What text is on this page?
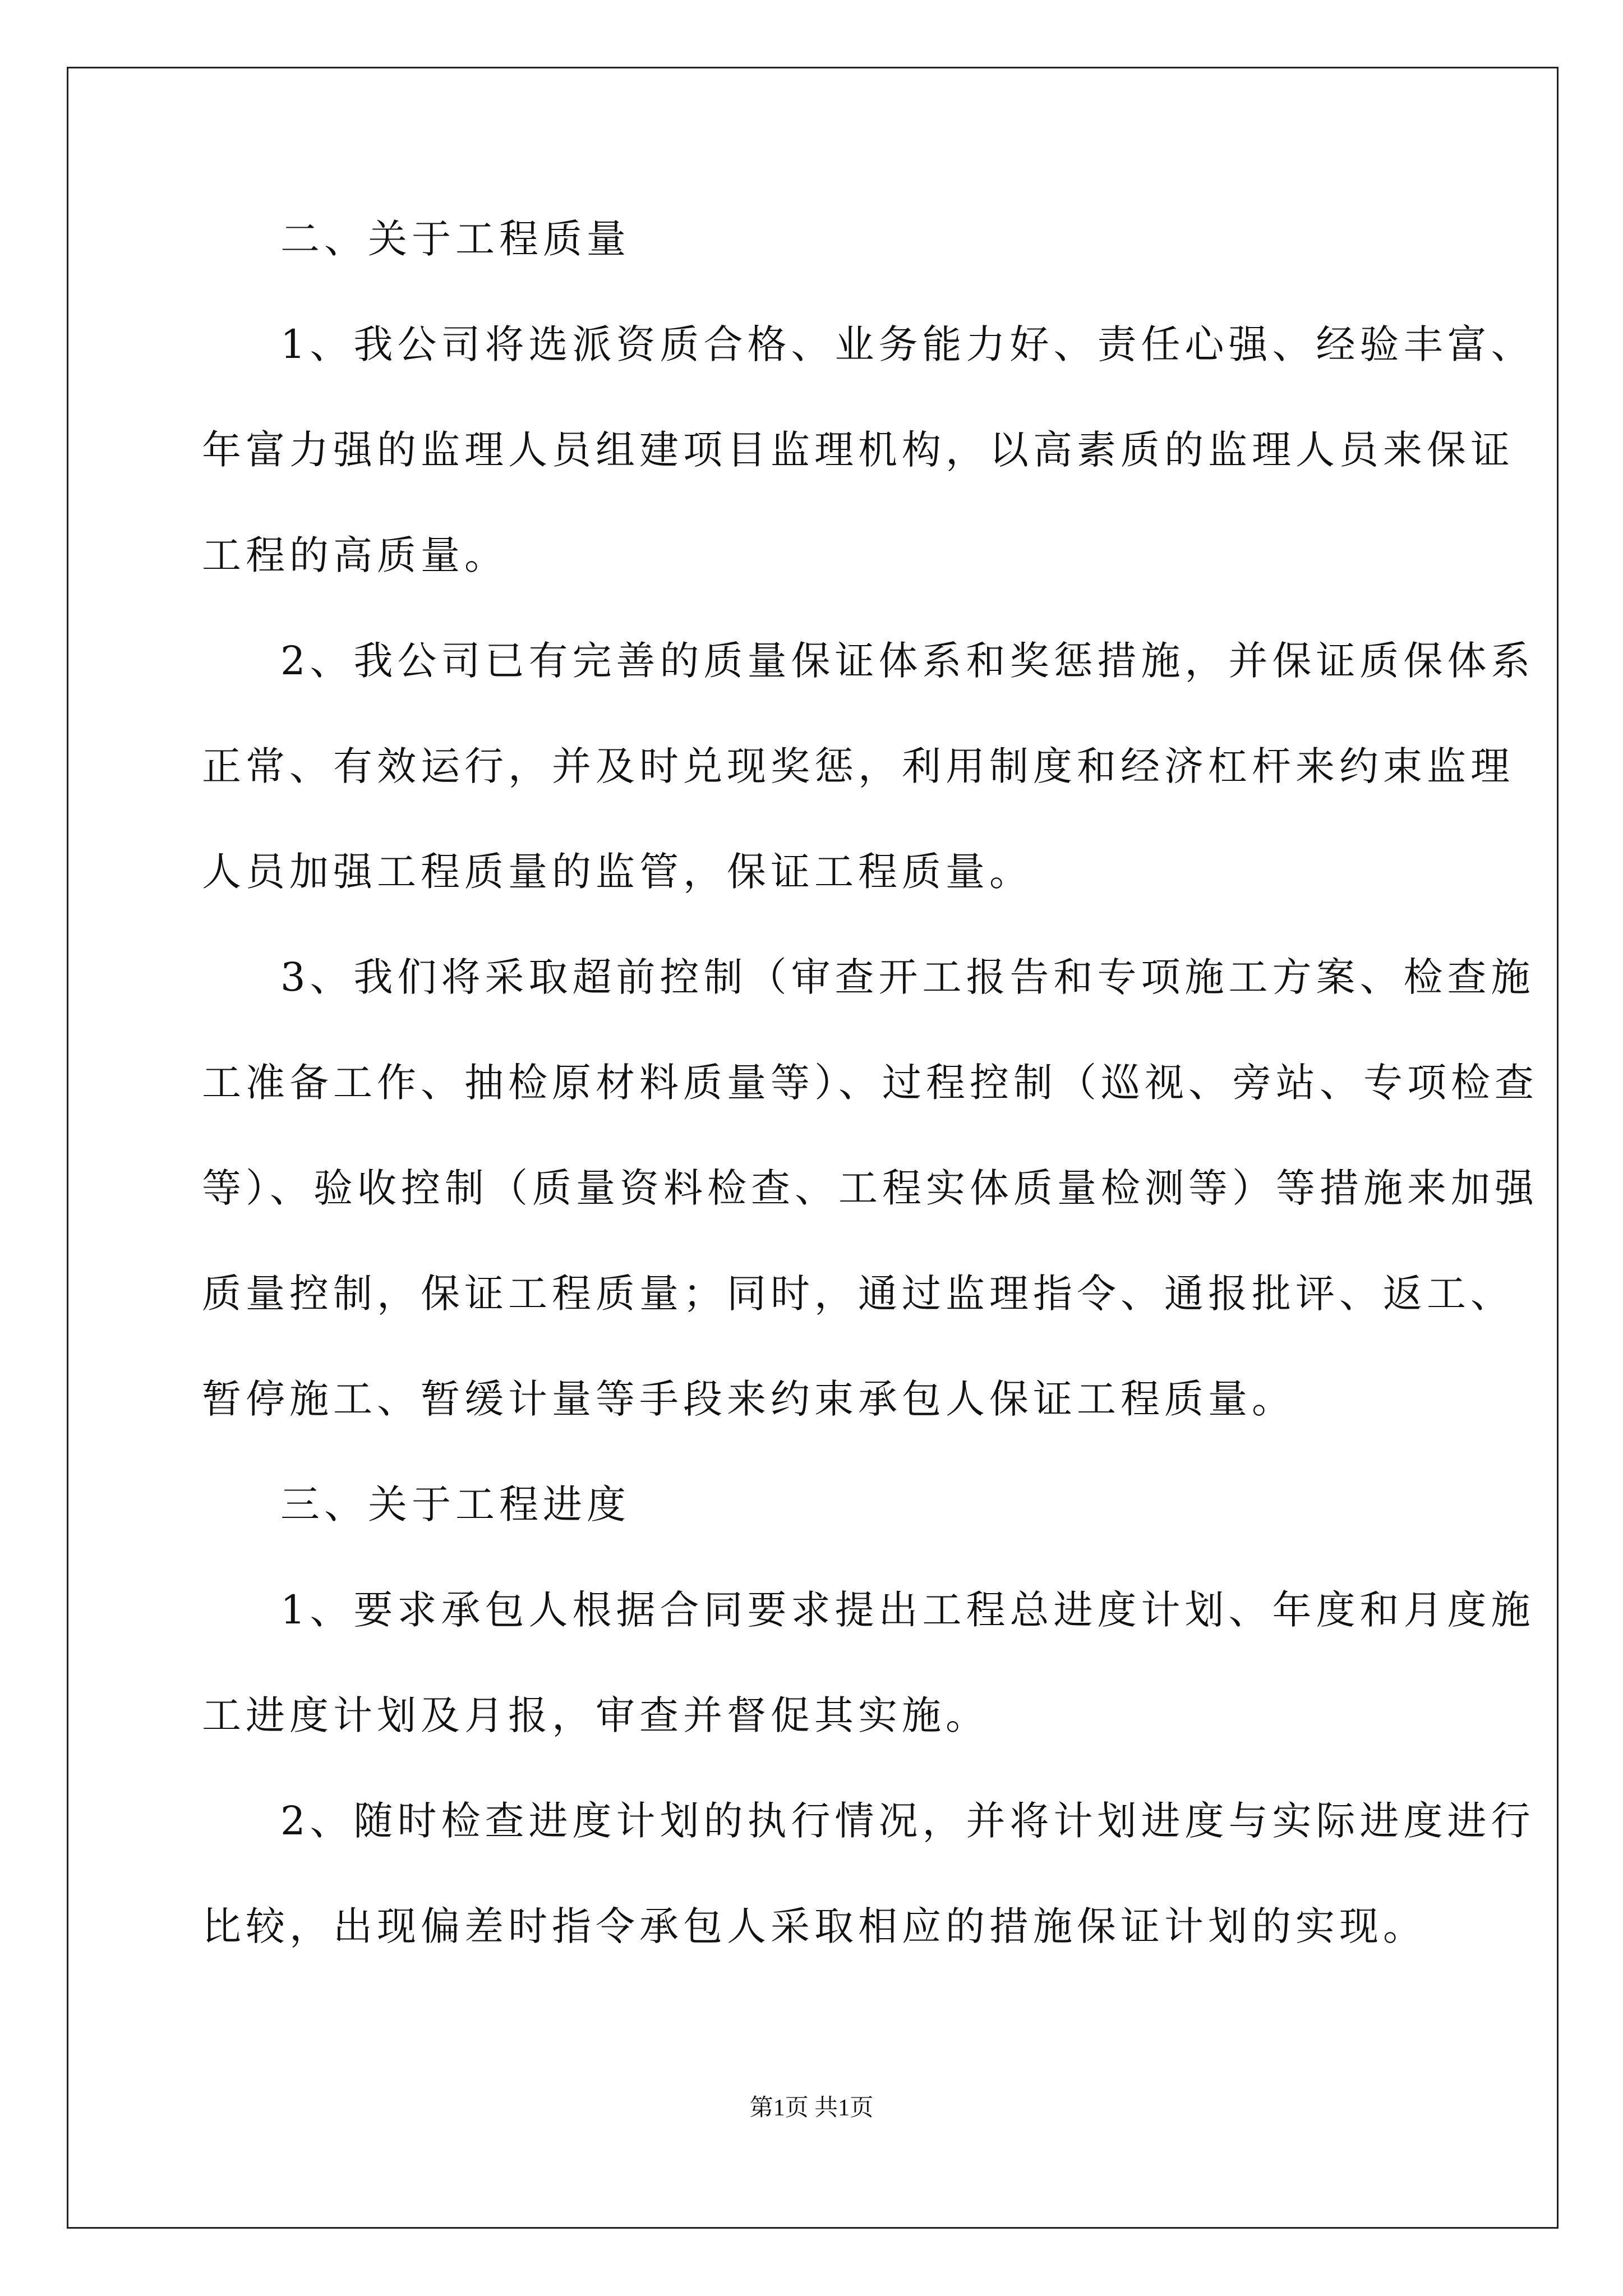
二、关于工程质量
1、我公司将选派资质合格、业务能力好、责任心强、经验丰富、
年富力强的监理人员组建项目监理机构，以高素质的监理人员来保证
工程的高质量。
2、我公司已有完善的质量保证体系和奖惩措施，并保证质保体系
正常、有效运行，并及时兑现奖惩，利用制度和经济杠杆来约束监理
人员加强工程质量的监管，保证工程质量。
3、我们将采取超前控制（审查开工报告和专项施工方案、检查施
工准备工作、抽检原材料质量等）、过程控制（巡视、旁站、专项检查
等）、验收控制（质量资料检查、工程实体质量检测等）等措施来加强
质量控制，保证工程质量；同时，通过监理指令、通报批评、返工、
暂停施工、暂缓计量等手段来约束承包人保证工程质量。
三、关于工程进度
1、要求承包人根据合同要求提出工程总进度计划、年度和月度施
工进度计划及月报，审查并督促其实施。
2、随时检查进度计划的执行情况，并将计划进度与实际进度进行
比较，出现偏差时指令承包人采取相应的措施保证计划的实现。
第1页 共1页
